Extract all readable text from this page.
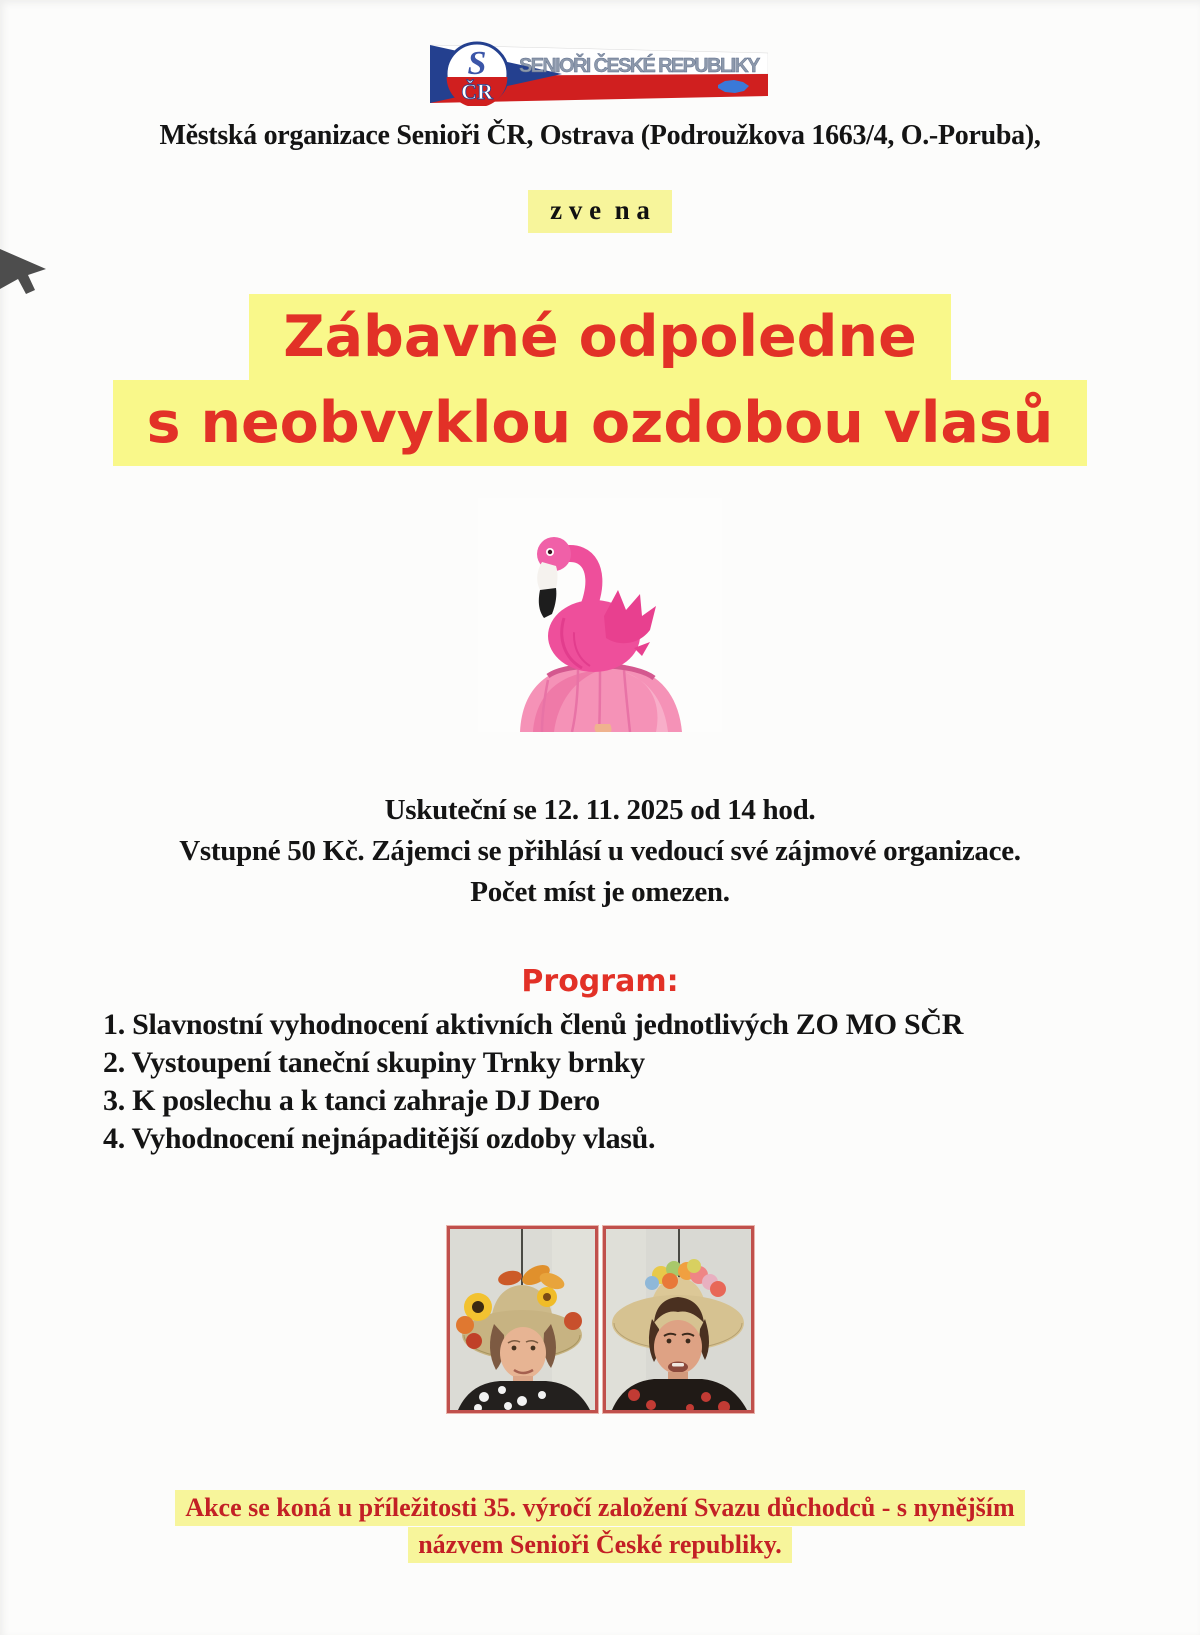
S
ČR
SENIOŘI ČESKÉ REPUBLIKY
Městská organizace Senioři ČR, Ostrava (Podroužkova 1663/4, O.-Poruba),
z v e  n a
Zábavné odpoledne
s neobvyklou ozdobou vlasů
Uskuteční se 12. 11. 2025 od 14 hod.
Vstupné 50 Kč. Zájemci se přihlásí u vedoucí své zájmové organizace.
Počet míst je omezen.
Program:
1. Slavnostní vyhodnocení aktivních členů jednotlivých ZO MO SČR
2. Vystoupení taneční skupiny Trnky brnky
3. K poslechu a k tanci zahraje DJ Dero
4. Vyhodnocení nejnápaditější ozdoby vlasů.
Akce se koná u příležitosti 35. výročí založení Svazu důchodců - s nynějším
názvem Senioři České republiky.
